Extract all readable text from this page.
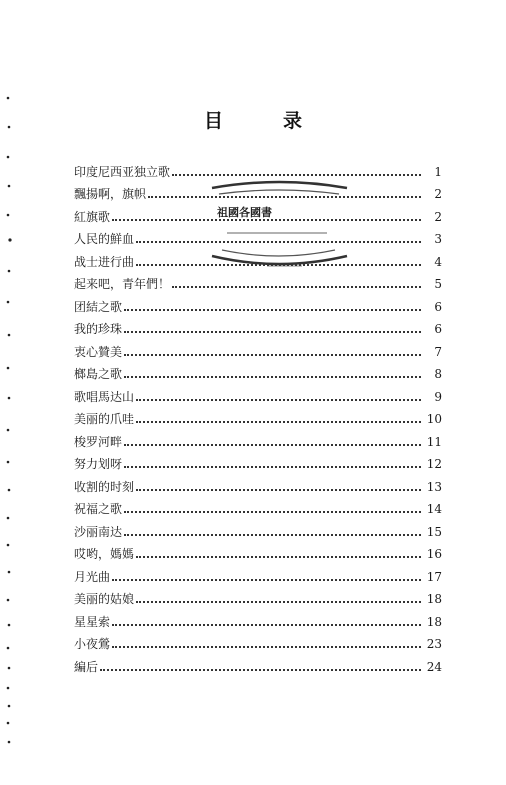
目录
祖國各國書
印度尼西亚独立歌	1
飄揚啊，旗帜	2
紅旗歌	2
人民的鮮血	3
战士进行曲	4
起来吧，青年們！	5
团結之歌	6
我的珍珠	6
衷心贊美	7
榔島之歌	8
歌唱馬达山	9
美丽的爪哇	10
梭罗河畔	11
努力划呀	12
收割的时刻	13
祝福之歌	14
沙丽南达	15
哎哟，媽媽	16
月光曲	17
美丽的姑娘	18
星星索	18
小夜鶯	23
編后	24
